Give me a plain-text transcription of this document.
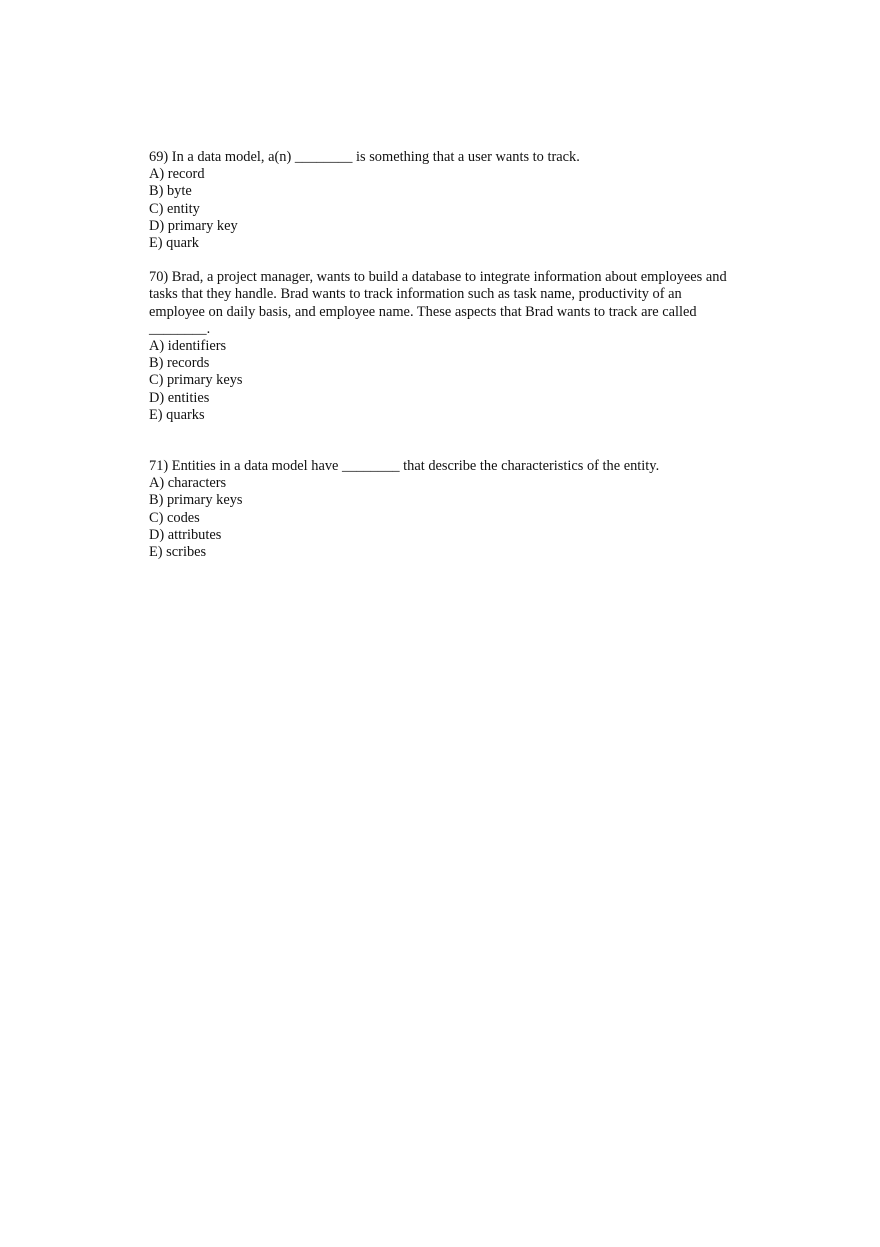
69) In a data model, a(n) ________ is something that a user wants to track.

A) record
B) byte
C) entity
D) primary key
E) quark

70) Brad, a project manager, wants to build a database to integrate information about employees and tasks that they handle. Brad wants to track information such as task name, productivity of an employee on daily basis, and employee name. These aspects that Brad wants to track are called ________.

A) identifiers
B) records
C) primary keys
D) entities
E) quarks

71) Entities in a data model have ________ that describe the characteristics of the entity.

A) characters
B) primary keys
C) codes
D) attributes
E) scribes
